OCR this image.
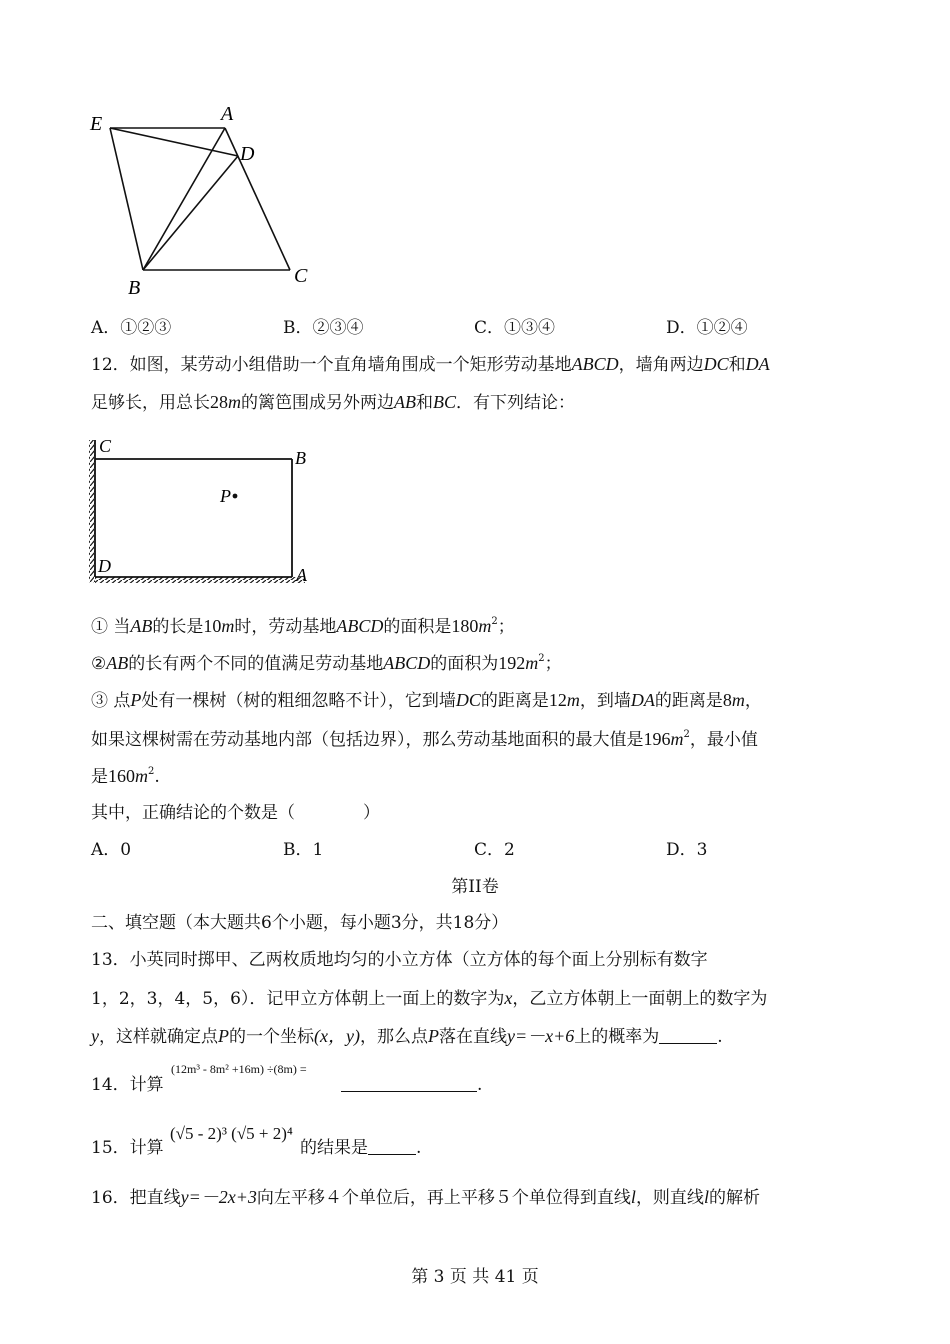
E	A
D
B
C
A．①②③	B．②③④	C．①③④	D．①②④
12．如图，某劳动小组借助一个直角墙角围成一个矩形劳动基地ABCD，墙角两边DC和DA
足够长，用总长28m的篱笆围成另外两边AB和BC．有下列结论：
C
B
P
D	A
① 当AB的长是10m时，劳动基地ABCD的面积是$180m^2$；
②AB的长有两个不同的值满足劳动基地ABCD的面积为$192m^2$；
③ 点P处有一棵树（树的粗细忽略不计），它到墙DC的距离是12m，到墙DA的距离是8m，
如果这棵树需在劳动基地内部（包括边界），那么劳动基地面积的最大值是$196m^2$，最小值
是$160m^2$.
其中，正确结论的个数是（　　　　）
A．0	B．1	C．2	D．3
第II卷
二、填空题（本大题共6个小题，每小题3分，共18分）
13．小英同时掷甲、乙两枚质地均匀的小立方体（立方体的每个面上分别标有数字
1，2，3，4，5，6）．记甲立方体朝上一面上的数字为x，乙立方体朝上一面朝上的数字为
y，这样就确定点P的一个坐标(x，y)，那么点P落在直线y=－x+6上的概率为	.
14．计算
(12m³ - 8m² +16m) ÷(8m) =
.
15．计算
(√5 - 2)³ (√5 + 2)⁴
的结果是	.
16．把直线y=－2x+3向左平移４个单位后，再上平移５个单位得到直线l，则直线l的解析
第 3 页 共 41 页
